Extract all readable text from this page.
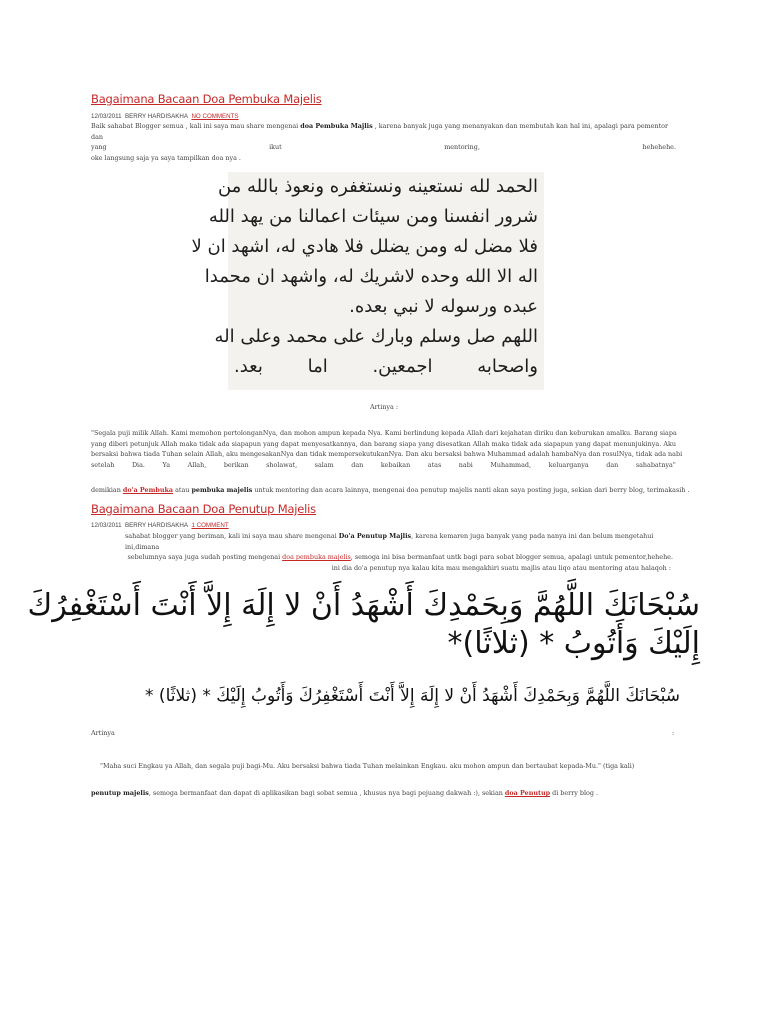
Bagaimana Bacaan Doa Pembuka Majelis
12/03/2011 BERRY HARDISAKHA NO COMMENTS
Baik sahabat Blogger semua , kali ini saya mau share mengenai doa Pembuka Majlis , karena banyak juga yang menanyakan dan membutah kan hal ini, apalagi para pementor dan
yang	ikut	mentoring,	hehehehe.
oke langsung saja ya saya tampilkan doa nya .
الحمد لله نستعينه ونستغفره ونعوذ بالله من
شرور انفسنا ومن سيئات اعمالنا من يهد الله
فلا مضل له ومن يضلل فلا هادي له، اشهد ان لا
اله الا الله وحده لاشريك له، واشهد ان محمدا
عبده ورسوله لا نبي بعده.
اللهم صل وسلم وبارك على محمد وعلى اله
واصحابه اجمعين. اما بعد.
Artinya :
"Segala puji milik Allah. Kami memohon pertolonganNya, dan mohon ampun kepada Nya. Kami berlindung kepada Allah dari kejahatan diriku dan keburukan amalku. Barang siapa
yang diberi petunjuk Allah maka tidak ada siapapun yang dapat menyesatkannya, dan barang siapa yang disesatkan Allah maka tidak ada siapapun yang dapat menunjukinya. Aku
bersaksi bahwa tiada Tuhan selain Allah, aku mengesakanNya dan tidak mempersekutukanNya. Dan aku bersaksi bahwa Muhammad adalah hambaNya dan rosulNya, tidak ada nabi
setelah	Dia.	Ya	Allah,	berikan	sholawat,	salam	dan	kebaikan	atas	nabi	Muhammad,	keluarganya	dan	sahabatnya"
demikian do'a Pembuka atau pembuka majelis untuk mentoring dan acara lainnya, mengenai doa penutup majelis nanti akan saya posting juga, sekian dari berry blog, terimakasih .
Bagaimana Bacaan Doa Penutup Majelis
12/03/2011 BERRY HARDISAKHA 1 COMMENT
sahabat blogger yang beriman, kali ini saya mau share mengenai Do'a Penutup Majlis, karena kemaren juga banyak yang pada nanya ini dan belum mengetahui ini,dimana
sebelumnya saya juga sudah posting mengenai doa pembuka majelis, semoga ini bisa bermanfaat untk bagi para sobat blogger semua, apalagi untuk pementor,hehehe.
ini dia do'a penutup nya kalau kita mau mengakhiri suatu majlis atau liqo atau mentoring atau halaqoh :
سُبْحَانَكَ اللَّهُمَّ وَبِحَمْدِكَ أَشْهَدُ أَنْ لا إِلَهَ إِلاَّ أَنْتَ أَسْتَغْفِرُكَ
إِلَيْكَ وَأَتُوبُ * (ثلاثًا)*
سُبْحَانَكَ اللَّهُمَّ وَبِحَمْدِكَ أَشْهَدُ أَنْ لا إِلَهَ إِلاَّ أَنْتَ أَسْتَغْفِرُكَ وَأَتُوبُ إِلَيْكَ * (ثلاثًا) *
Artinya	:
"Maha suci Engkau ya Allah, dan segala puji bagi-Mu. Aku bersaksi bahwa tiada Tuhan melainkan Engkau. aku mohon ampun dan bertaubat kepada-Mu." (tiga kali)
penutup majelis, semoga bermanfaat dan dapat di aplikasikan bagi sobat semua , khusus nya bagi pejuang dakwah :), sekian doa Penutup di berry blog .
